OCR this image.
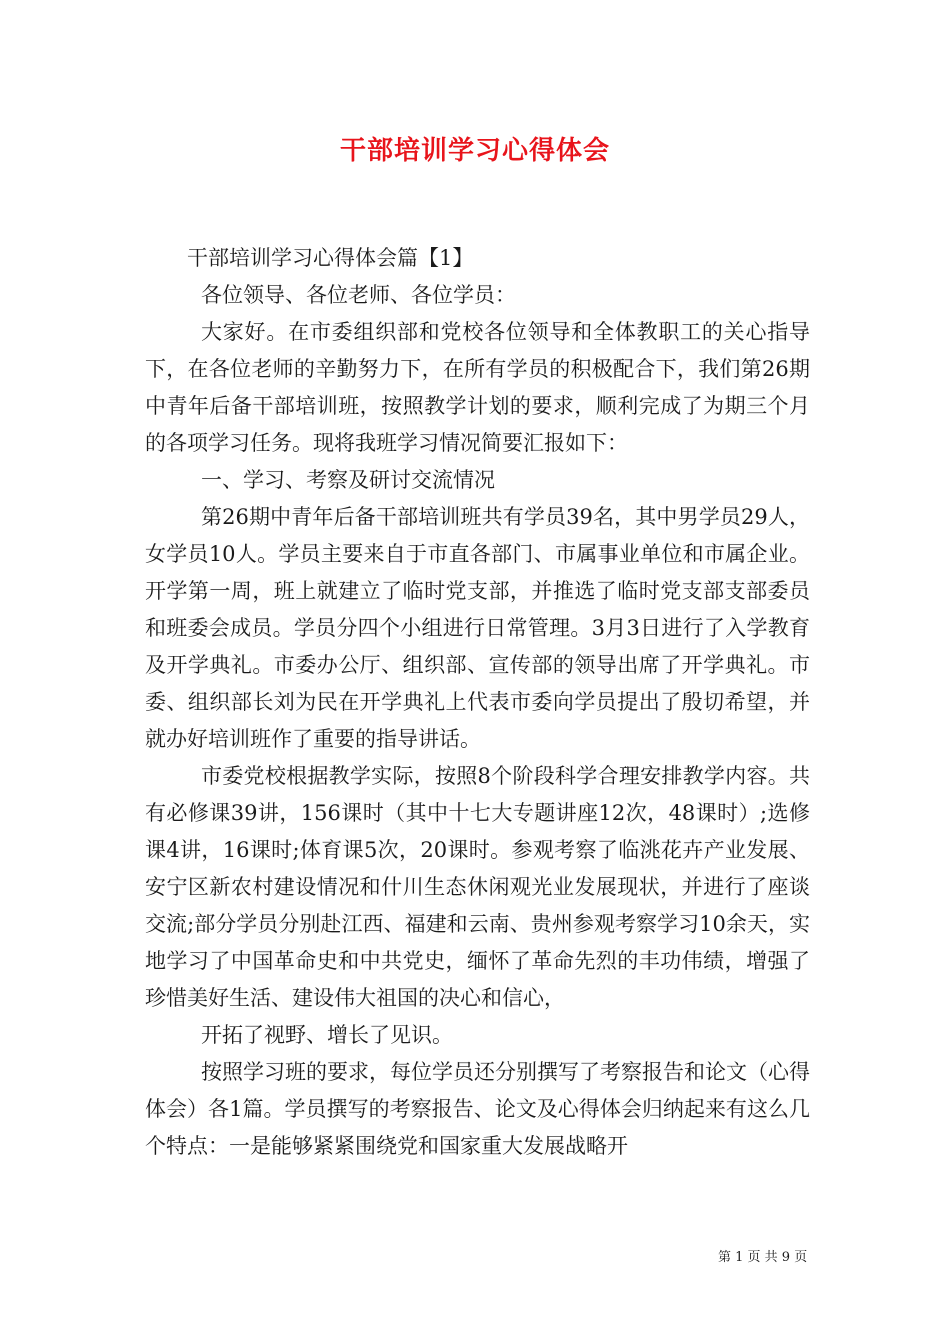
干部培训学习心得体会

干部培训学习心得体会篇【1】

各位领导、各位老师、各位学员：

大家好。在市委组织部和党校各位领导和全体教职工的关心指导下，在各位老师的辛勤努力下，在所有学员的积极配合下，我们第26期中青年后备干部培训班，按照教学计划的要求，顺利完成了为期三个月的各项学习任务。现将我班学习情况简要汇报如下：

一、学习、考察及研讨交流情况

第26期中青年后备干部培训班共有学员39名，其中男学员29人，女学员10人。学员主要来自于市直各部门、市属事业单位和市属企业。开学第一周，班上就建立了临时党支部，并推选了临时党支部支部委员和班委会成员。学员分四个小组进行日常管理。3月3日进行了入学教育及开学典礼。市委办公厅、组织部、宣传部的领导出席了开学典礼。市委、组织部长刘为民在开学典礼上代表市委向学员提出了殷切希望，并就办好培训班作了重要的指导讲话。

市委党校根据教学实际，按照8个阶段科学合理安排教学内容。共有必修课39讲，156课时（其中十七大专题讲座12次，48课时）;选修课4讲，16课时;体育课5次，20课时。参观考察了临洮花卉产业发展、安宁区新农村建设情况和什川生态休闲观光业发展现状，并进行了座谈交流;部分学员分别赴江西、福建和云南、贵州参观考察学习10余天，实地学习了中国革命史和中共党史，缅怀了革命先烈的丰功伟绩，增强了珍惜美好生活、建设伟大祖国的决心和信心，

开拓了视野、增长了见识。

按照学习班的要求，每位学员还分别撰写了考察报告和论文（心得体会）各1篇。学员撰写的考察报告、论文及心得体会归纳起来有这么几个特点：一是能够紧紧围绕党和国家重大发展战略开

第 1 页 共 9 页
